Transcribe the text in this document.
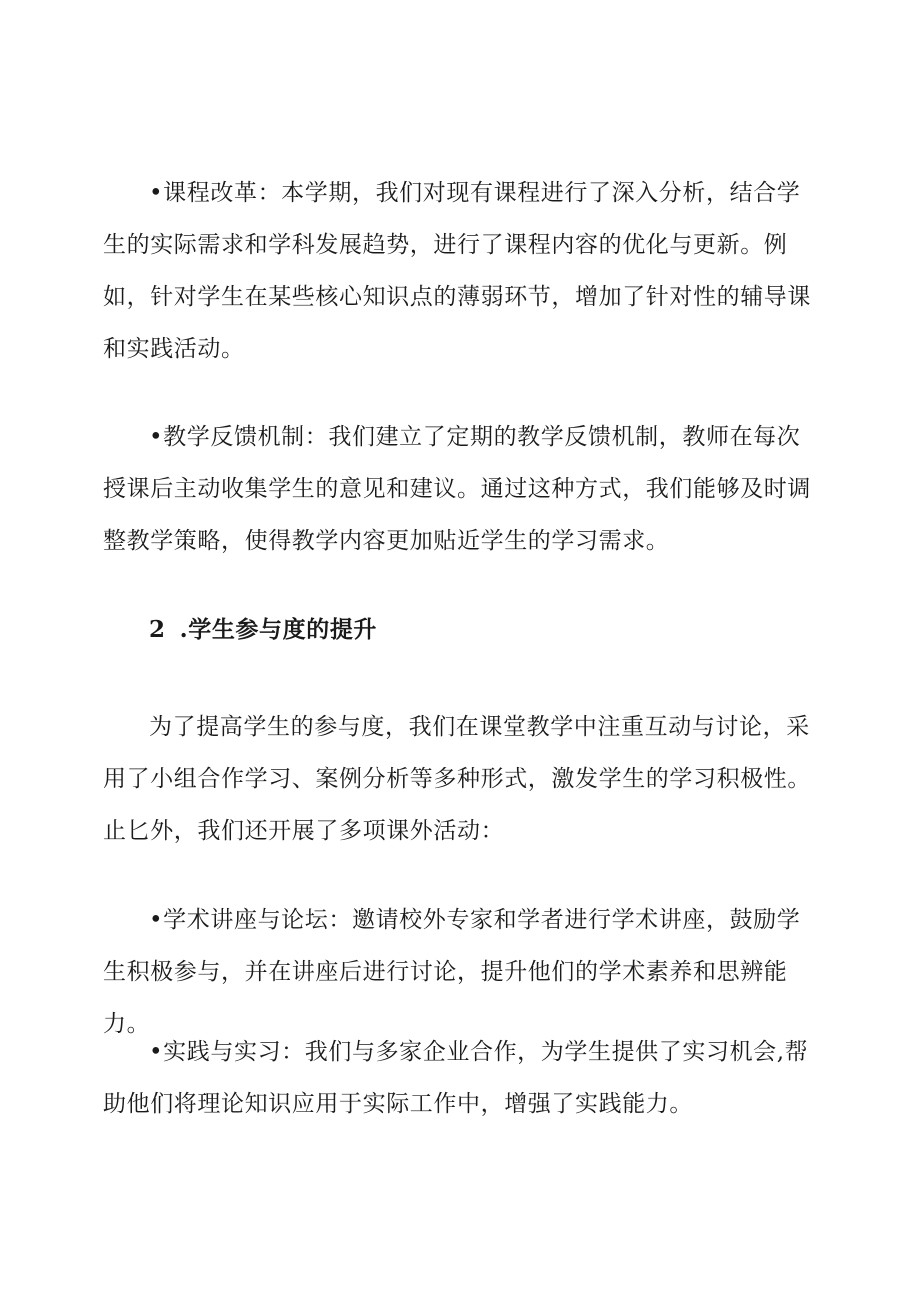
•课程改革：本学期，我们对现有课程进行了深入分析，结合学生的实际需求和学科发展趋势，进行了课程内容的优化与更新。例如，针对学生在某些核心知识点的薄弱环节，增加了针对性的辅导课和实践活动。

•教学反馈机制：我们建立了定期的教学反馈机制，教师在每次授课后主动收集学生的意见和建议。通过这种方式，我们能够及时调整教学策略，使得教学内容更加贴近学生的学习需求。

2 .学生参与度的提升

为了提高学生的参与度，我们在课堂教学中注重互动与讨论，采用了小组合作学习、案例分析等多种形式，激发学生的学习积极性。止匕外，我们还开展了多项课外活动：

•学术讲座与论坛：邀请校外专家和学者进行学术讲座，鼓励学生积极参与，并在讲座后进行讨论，提升他们的学术素养和思辨能力。

•实践与实习：我们与多家企业合作，为学生提供了实习机会,帮助他们将理论知识应用于实际工作中，增强了实践能力。
